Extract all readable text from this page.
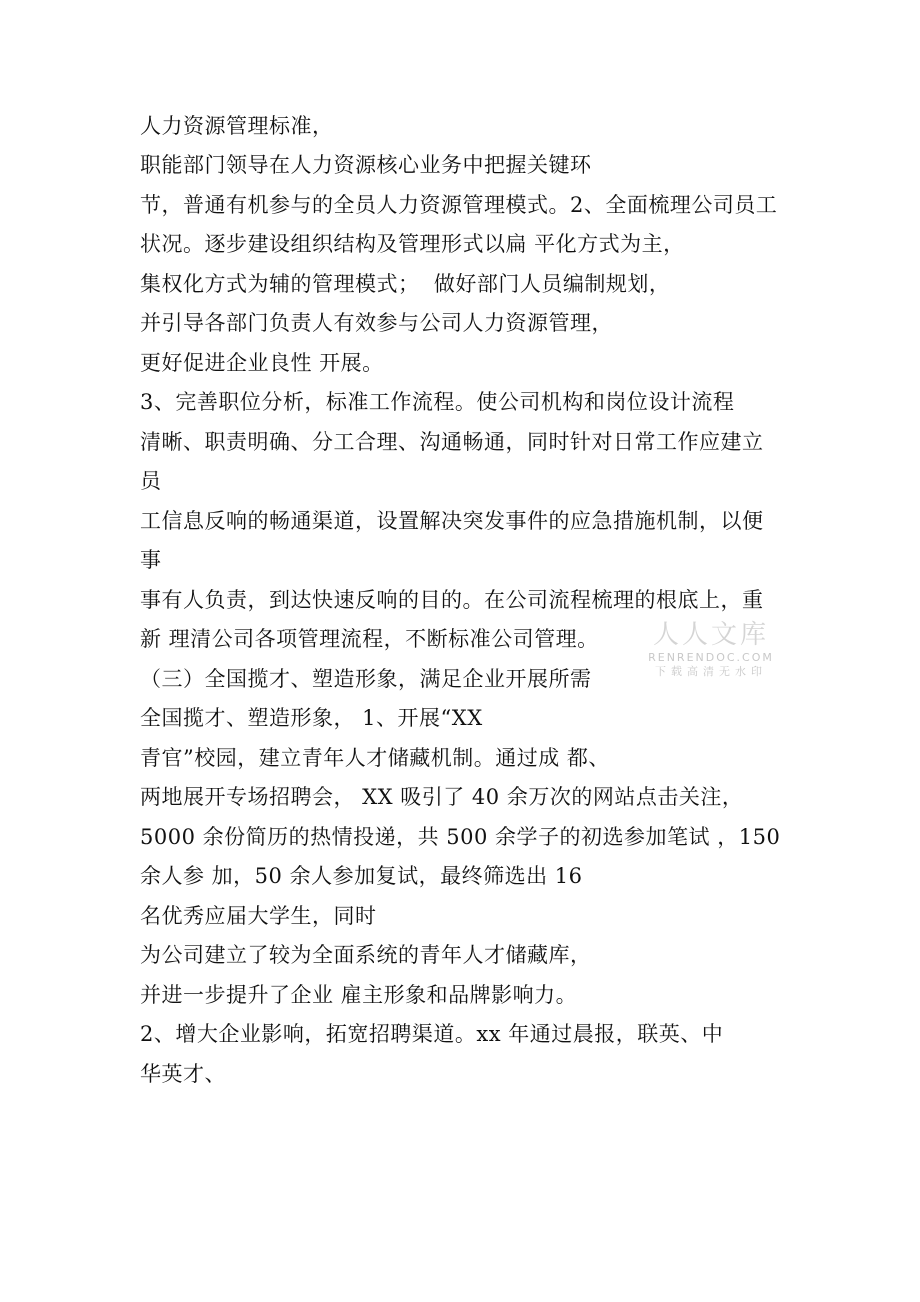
人力资源管理标准，
职能部门领导在人力资源核心业务中把握关键环
节，普通有机参与的全员人力资源管理模式。2、全面梳理公司员工
状况。逐步建设组织结构及管理形式以扁 平化方式为主，
集权化方式为辅的管理模式；  做好部门人员编制规划，
并引导各部门负责人有效参与公司人力资源管理，
更好促进企业良性 开展。
3、完善职位分析，标准工作流程。使公司机构和岗位设计流程
清晰、职责明确、分工合理、沟通畅通，同时针对日常工作应建立
员
工信息反响的畅通渠道，设置解决突发事件的应急措施机制，以便
事
事有人负责，到达快速反响的目的。在公司流程梳理的根底上，重
新 理清公司各项管理流程，不断标准公司管理。
（三）全国揽才、塑造形象，满足企业开展所需
全国揽才、塑造形象， 1、开展“XX
青官”校园，建立青年人才储藏机制。通过成 都、
两地展开专场招聘会， XX 吸引了 40 余万次的网站点击关注，
5000 余份简历的热情投递，共 500 余学子的初选参加笔试 ，150
余人参 加，50 余人参加复试，最终筛选出 16
名优秀应届大学生，同时
为公司建立了较为全面系统的青年人才储藏库，
并进一步提升了企业 雇主形象和品牌影响力。
2、增大企业影响，拓宽招聘渠道。xx 年通过晨报，联英、中
华英才、
人人文库
RENRENDOC.COM
下载高清无水印
